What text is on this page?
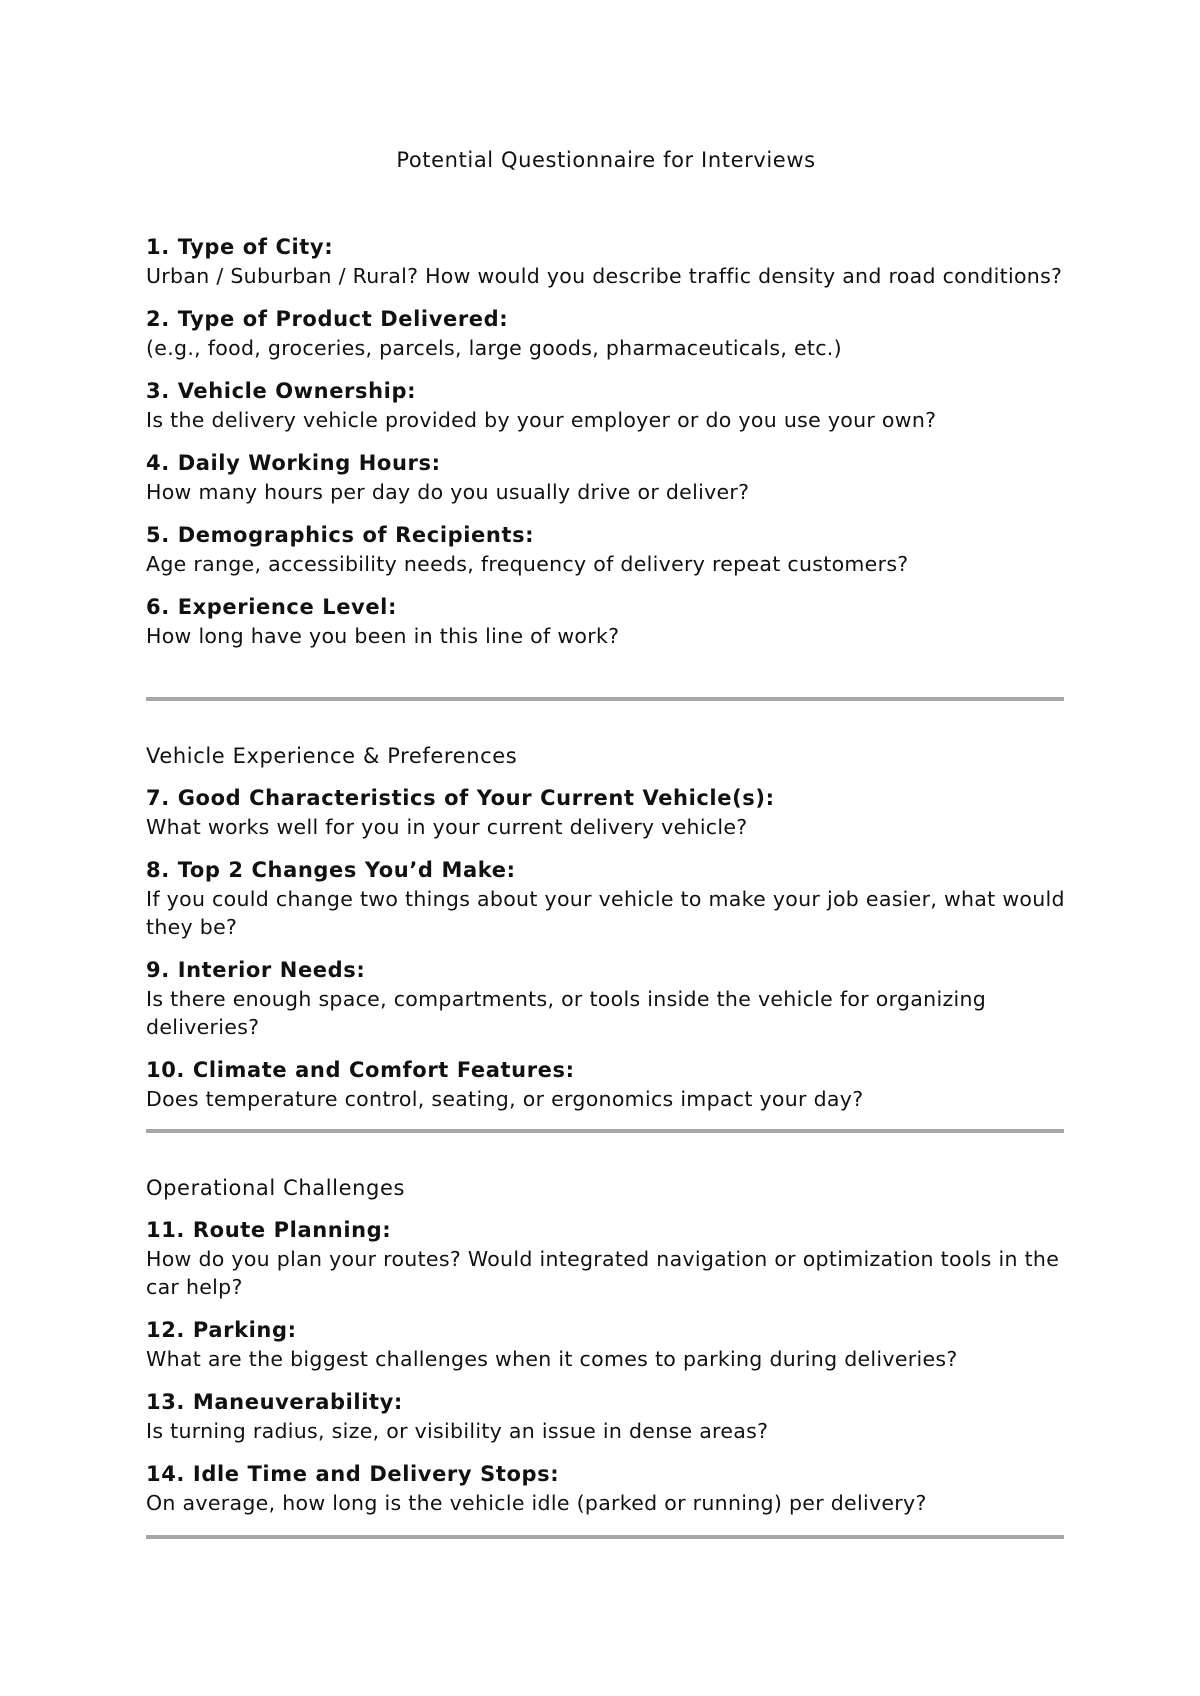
Potential Questionnaire for Interviews
1. Type of City:
Urban / Suburban / Rural? How would you describe traffic density and road conditions?
2. Type of Product Delivered:
(e.g., food, groceries, parcels, large goods, pharmaceuticals, etc.)
3. Vehicle Ownership:
Is the delivery vehicle provided by your employer or do you use your own?
4. Daily Working Hours:
How many hours per day do you usually drive or deliver?
5. Demographics of Recipients:
Age range, accessibility needs, frequency of delivery repeat customers?
6. Experience Level:
How long have you been in this line of work?
Vehicle Experience & Preferences
7. Good Characteristics of Your Current Vehicle(s):
What works well for you in your current delivery vehicle?
8. Top 2 Changes You’d Make:
If you could change two things about your vehicle to make your job easier, what would they be?
9. Interior Needs:
Is there enough space, compartments, or tools inside the vehicle for organizing deliveries?
10. Climate and Comfort Features:
Does temperature control, seating, or ergonomics impact your day?
Operational Challenges
11. Route Planning:
How do you plan your routes? Would integrated navigation or optimization tools in the car help?
12. Parking:
What are the biggest challenges when it comes to parking during deliveries?
13. Maneuverability:
Is turning radius, size, or visibility an issue in dense areas?
14. Idle Time and Delivery Stops:
On average, how long is the vehicle idle (parked or running) per delivery?
